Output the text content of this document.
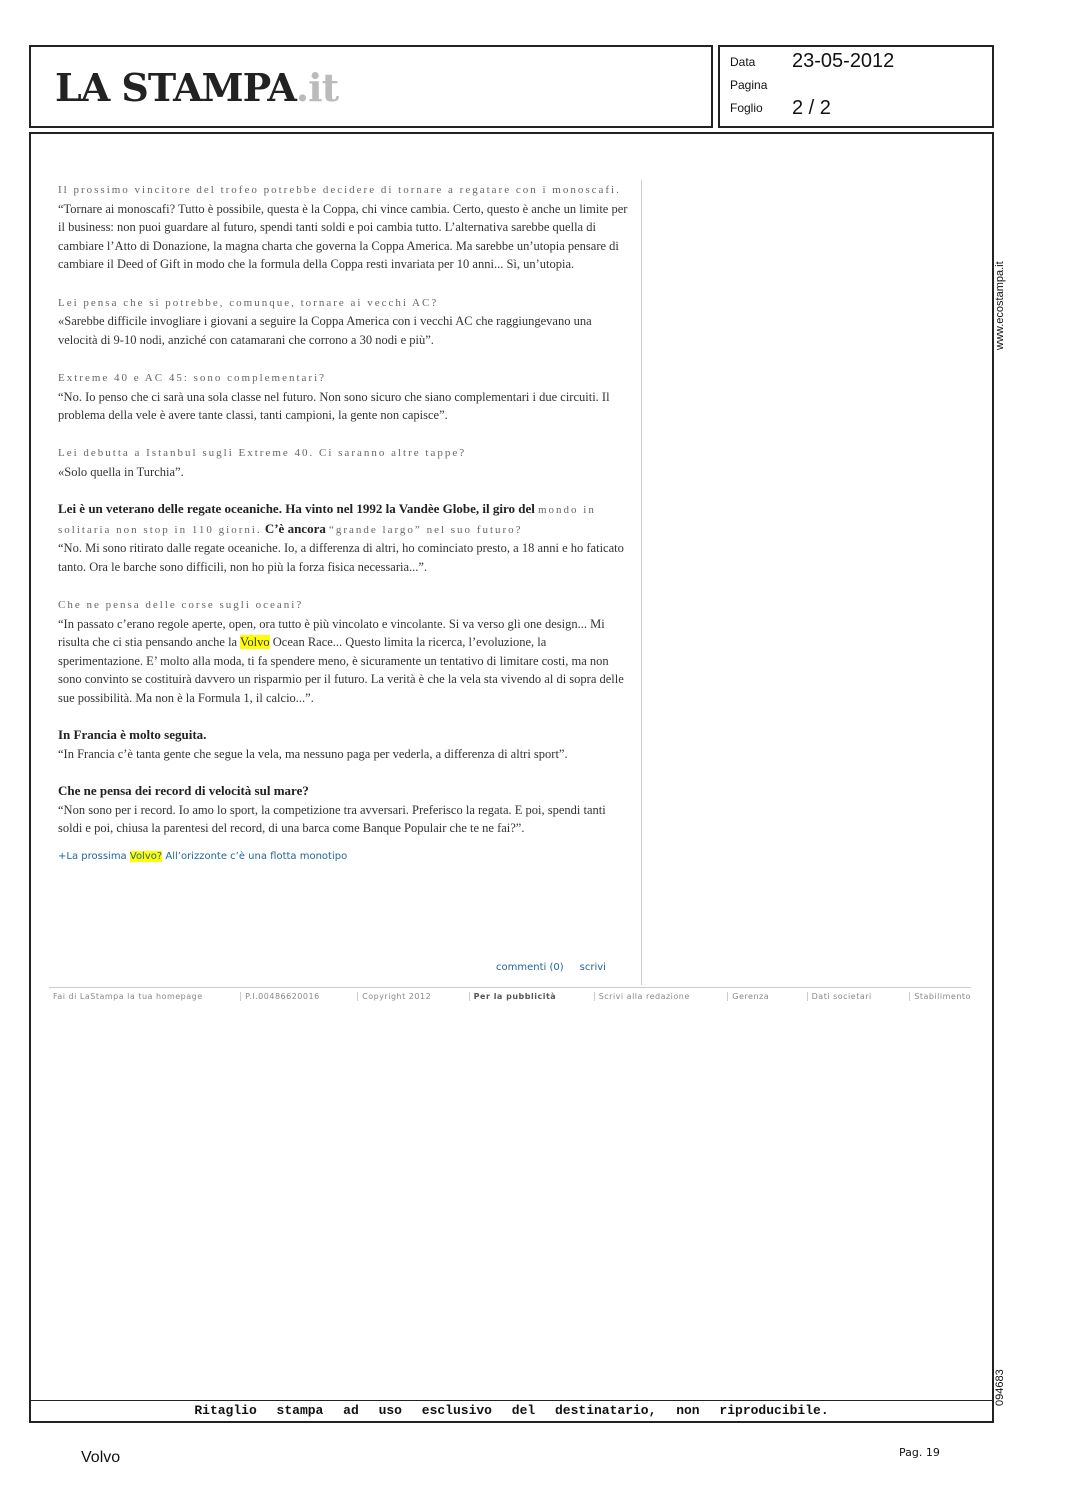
LA STAMPA.it
Data 23-05-2012
Pagina
Foglio 2 / 2
www.ecostampa.it
094683
Ritaglio stampa ad uso esclusivo del destinatario, non riproducibile.

Il prossimo vincitore del trofeo potrebbe decidere di tornare a regatare con i monoscafi.
“Tornare ai monoscafi? Tutto è possibile, questa è la Coppa, chi vince cambia. Certo, questo è anche un limite per il business: non puoi guardare al futuro, spendi tanti soldi e poi cambia tutto. L’alternativa sarebbe quella di cambiare l’Atto di Donazione, la magna charta che governa la Coppa America. Ma sarebbe un’utopia pensare di cambiare il Deed of Gift in modo che la formula della Coppa resti invariata per 10 anni... Sì, un’utopia.

Lei pensa che si potrebbe, comunque, tornare ai vecchi AC?
«Sarebbe difficile invogliare i giovani a seguire la Coppa America con i vecchi AC che raggiungevano una velocità di 9-10 nodi, anziché con catamarani che corrono a 30 nodi e più”.

Extreme 40 e AC 45: sono complementari?
“No. Io penso che ci sarà una sola classe nel futuro. Non sono sicuro che siano complementari i due circuiti. Il problema della vele è avere tante classi, tanti campioni, la gente non capisce”.

Lei debutta a Istanbul sugli Extreme 40. Ci saranno altre tappe?
«Solo quella in Turchia”.

Lei è un veterano delle regate oceaniche. Ha vinto nel 1992 la Vandèe Globe, il giro del mondo in solitaria non stop in 110 giorni. C’è ancora “grande largo” nel suo futuro?
“No. Mi sono ritirato dalle regate oceaniche. Io, a differenza di altri, ho cominciato presto, a 18 anni e ho faticato tanto. Ora le barche sono difficili, non ho più la forza fisica necessaria...”.

Che ne pensa delle corse sugli oceani?
“In passato c’erano regole aperte, open, ora tutto è più vincolato e vincolante. Si va verso gli one design... Mi risulta che ci stia pensando anche la Volvo Ocean Race... Questo limita la ricerca, l’evoluzione, la sperimentazione. E’ molto alla moda, ti fa spendere meno, è sicuramente un tentativo di limitare costi, ma non sono convinto se costituirà davvero un risparmio per il futuro. La verità è che la vela sta vivendo al di sopra delle sue possibilità. Ma non è la Formula 1, il calcio...”.

In Francia è molto seguita.
“In Francia c’è tanta gente che segue la vela, ma nessuno paga per vederla, a differenza di altri sport”.

Che ne pensa dei record di velocità sul mare?
“Non sono per i record. Io amo lo sport, la competizione tra avversari. Preferisco la regata. E poi, spendi tanti soldi e poi, chiusa la parentesi del record, di una barca come Banque Populair che te ne fai?”.

+La prossima Volvo? All’orizzonte c’è una flotta monotipo
commenti (0) scrivi
Fai di LaStampa la tua homepage	P.I.00486620016	Copyright 2012	Per la pubblicità	Scrivi alla redazione	Gerenza	Dati societari	Stabilimento
Volvo	Pag. 19
